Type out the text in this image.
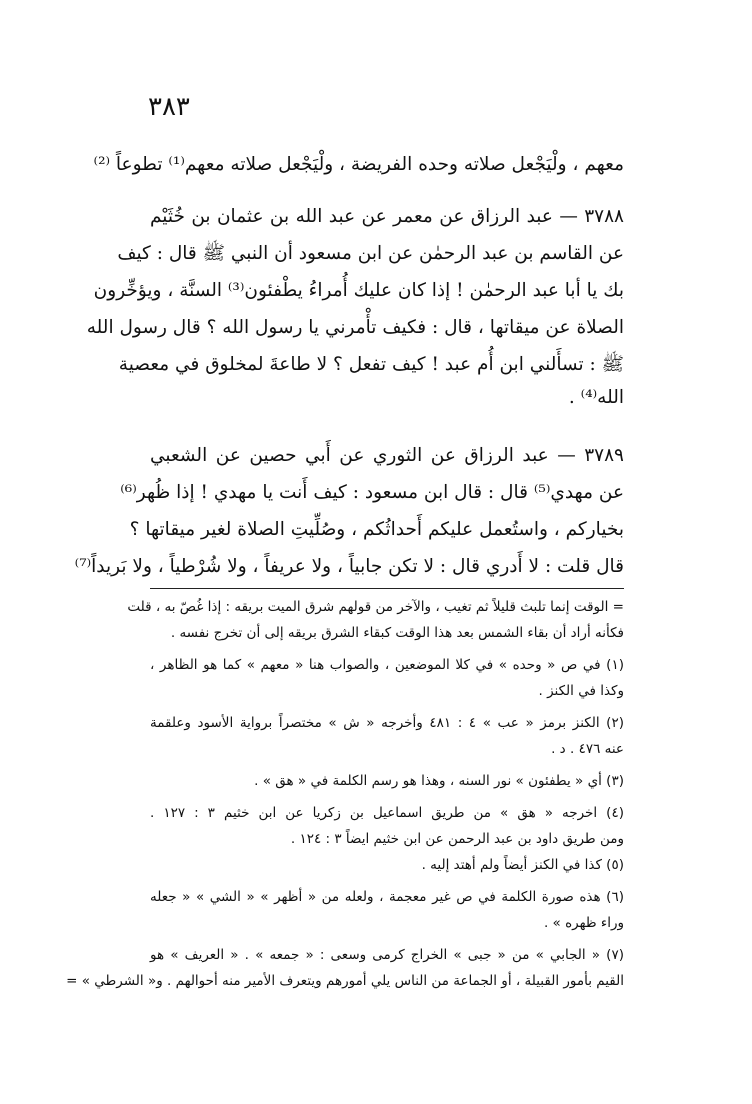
٣٨٣
معهم ، ولْيَجْعل صلاته وحده الفريضة ، ولْيَجْعل صلاته معهم⁽¹⁾ تطوعاً ⁽²⁾
٣٧٨٨ — عبد الرزاق عن معمر عن عبد الله بن عثمان بن خُثَيْم
عن القاسم بن عبد الرحمٰن عن ابن مسعود أن النبي ﷺ قال : كيف
بك يا أبا عبد الرحمٰن ! إذا كان عليك أُمراءُ يطْفئون⁽³⁾ السنَّة ، ويؤخِّرون
الصلاة عن ميقاتها ، قال : فكيف تأْمرني يا رسول الله ؟ قال رسول الله
ﷺ : تسأَلني ابن أُم عبد ! كيف تفعل ؟ لا طاعةَ لمخلوق في معصية
الله⁽⁴⁾ .
٣٧٨٩ — عبد الرزاق عن الثوري عن أَبي حصين عن الشعبي
عن مهدي⁽⁵⁾ قال : قال ابن مسعود : كيف أَنت يا مهدي ! إذا ظُهر⁽⁶⁾
بخياركم ، واستُعمل عليكم أَحداثُكم ، وصُلِّيتِ الصلاة لغير ميقاتها ؟
قال قلت : لا أَدري قال : لا تكن جابياً ، ولا عريفاً ، ولا شُرْطياً ، ولا بَريداً⁽⁷⁾
= الوقت إنما تلبث قليلاً ثم تغيب ، والآخر من قولهم شرق الميت بريقه : إذا غُصّ به ، قلت
فكأنه أراد أن بقاء الشمس بعد هذا الوقت كبقاء الشرق بريقه إلى أن تخرج نفسه .
(١) في ص « وحده » في كلا الموضعين ، والصواب هنا « معهم » كما هو الظاهر ،
وكذا في الكنز .
(٢) الكنز برمز « عب » ٤ : ٤٨١ وأخرجه « ش » مختصراً برواية الأسود وعلقمة
عنه ٤٧٦ . د .
(٣) أي « يطفئون » نور السنه ، وهذا هو رسم الكلمة في « هق » .
(٤) اخرجه « هق » من طريق اسماعيل بن زكريا عن ابن خثيم ٣ : ١٢٧ .
ومن طريق داود بن عبد الرحمن عن ابن خثيم ايضاً ٣ : ١٢٤ .
(٥) كذا في الكنز أيضاً ولم أهتد إليه .
(٦) هذه صورة الكلمة في ص غير معجمة ، ولعله من « أظهر » « الشي » « جعله
وراء ظهره » .
(٧) « الجابي » من « جبى » الخراج كرمى وسعى : « جمعه » . « العريف » هو
القيم بأمور القبيلة ، أو الجماعة من الناس يلي أمورهم ويتعرف الأمير منه أحوالهم . و« الشرطي » =
